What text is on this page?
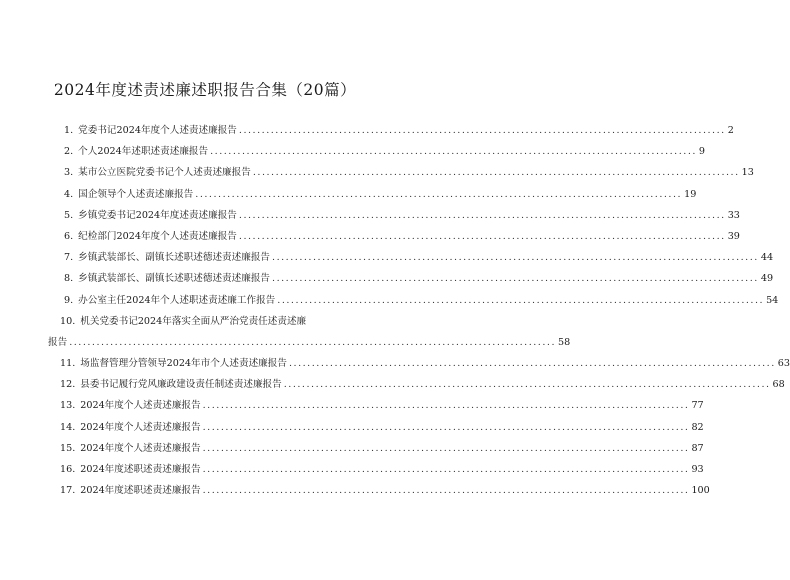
2024年度述责述廉述职报告合集（20篇）
1. 党委书记2024年度个人述责述廉报告 .....	2
2. 个人2024年述职述责述廉报告 .....	9
3. 某市公立医院党委书记个人述责述廉报告 .....	13
4. 国企领导个人述责述廉报告 .....	19
5. 乡镇党委书记2024年度述责述廉报告 .....	33
6. 纪检部门2024年度个人述责述廉报告 .....	39
7. 乡镇武装部长、副镇长述职述德述责述廉报告 .....	44
8. 乡镇武装部长、副镇长述职述德述责述廉报告 .....	49
9. 办公室主任2024年个人述职述责述廉工作报告 .....	54
10. 机关党委书记2024年落实全面从严治党责任述责述廉
报告 .....	58
11. 场监督管理分管领导2024年市个人述责述廉报告 .....	63
12. 县委书记履行党风廉政建设责任制述责述廉报告 .....	68
13. 2024年度个人述责述廉报告 .....	77
14. 2024年度个人述责述廉报告 .....	82
15. 2024年度个人述责述廉报告 .....	87
16. 2024年度述职述责述廉报告 .....	93
17. 2024年度述职述责述廉报告 .....	100
